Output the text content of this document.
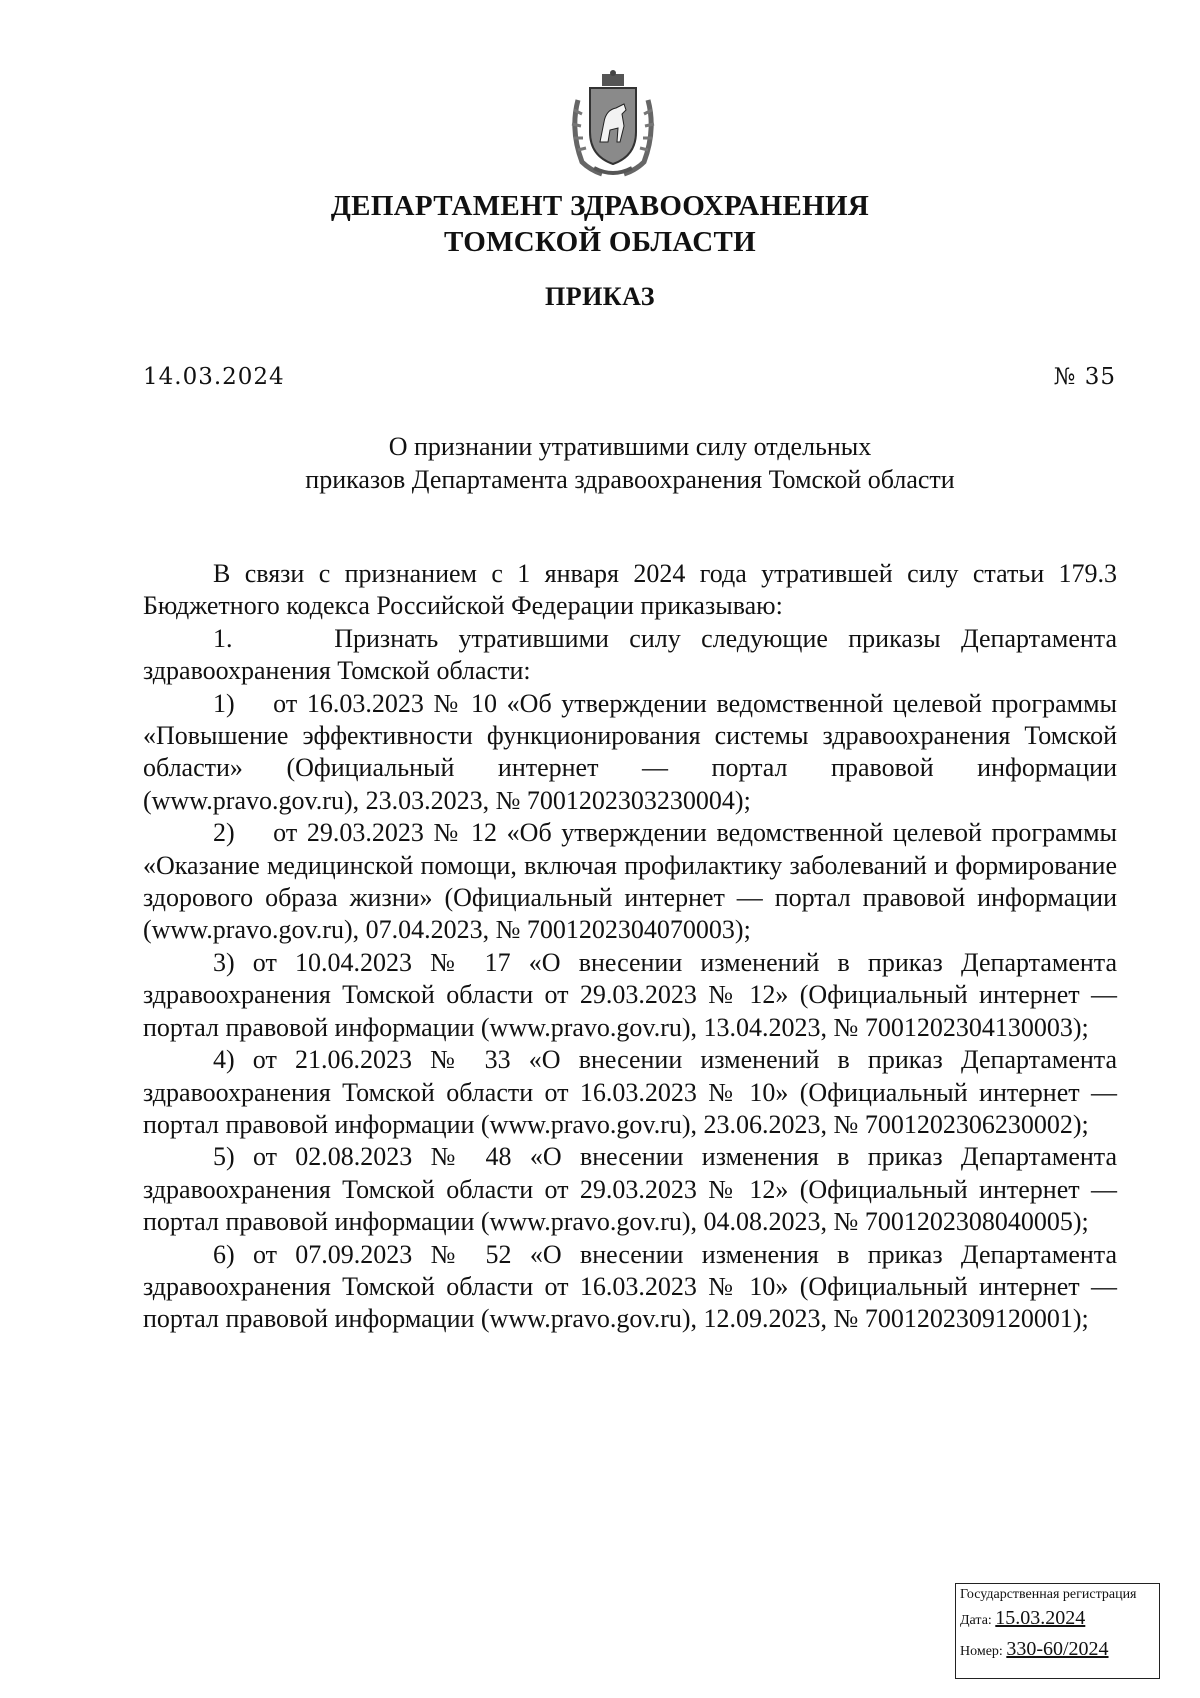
ДЕПАРТАМЕНТ ЗДРАВООХРАНЕНИЯ
ТОМСКОЙ ОБЛАСТИ
ПРИКАЗ
14.03.2024	№ 35
О признании утратившими силу отдельных
приказов Департамента здравоохранения Томской области

В связи с признанием с 1 января 2024 года утратившей силу статьи 179.3 Бюджетного кодекса Российской Федерации приказываю:

1.     Признать утратившими силу следующие приказы Департамента здравоохранения Томской области:

1)    от 16.03.2023 № 10 «Об утверждении ведомственной целевой программы «Повышение эффективности функционирования системы здравоохранения Томской области» (Официальный интернет — портал правовой информации (www.pravo.gov.ru), 23.03.2023, № 7001202303230004);

2)    от 29.03.2023 № 12 «Об утверждении ведомственной целевой программы «Оказание медицинской помощи, включая профилактику заболеваний и формирование здорового образа жизни» (Официальный интернет — портал правовой информации (www.pravo.gov.ru), 07.04.2023, № 7001202304070003);

3) от 10.04.2023 № 17 «О внесении изменений в приказ Департамента здравоохранения Томской области от 29.03.2023 № 12» (Официальный интернет — портал правовой информации (www.pravo.gov.ru), 13.04.2023, № 7001202304130003);

4) от 21.06.2023 № 33 «О внесении изменений в приказ Департамента здравоохранения Томской области от 16.03.2023 № 10» (Официальный интернет — портал правовой информации (www.pravo.gov.ru), 23.06.2023, № 7001202306230002);

5) от 02.08.2023 № 48 «О внесении изменения в приказ Департамента здравоохранения Томской области от 29.03.2023 № 12» (Официальный интернет — портал правовой информации (www.pravo.gov.ru), 04.08.2023, № 7001202308040005);

6) от 07.09.2023 № 52 «О внесении изменения в приказ Департамента здравоохранения Томской области от 16.03.2023 № 10» (Официальный интернет — портал правовой информации (www.pravo.gov.ru), 12.09.2023, № 7001202309120001);

Государственная регистрация
Дата: 15.03.2024
Номер: 330-60/2024
